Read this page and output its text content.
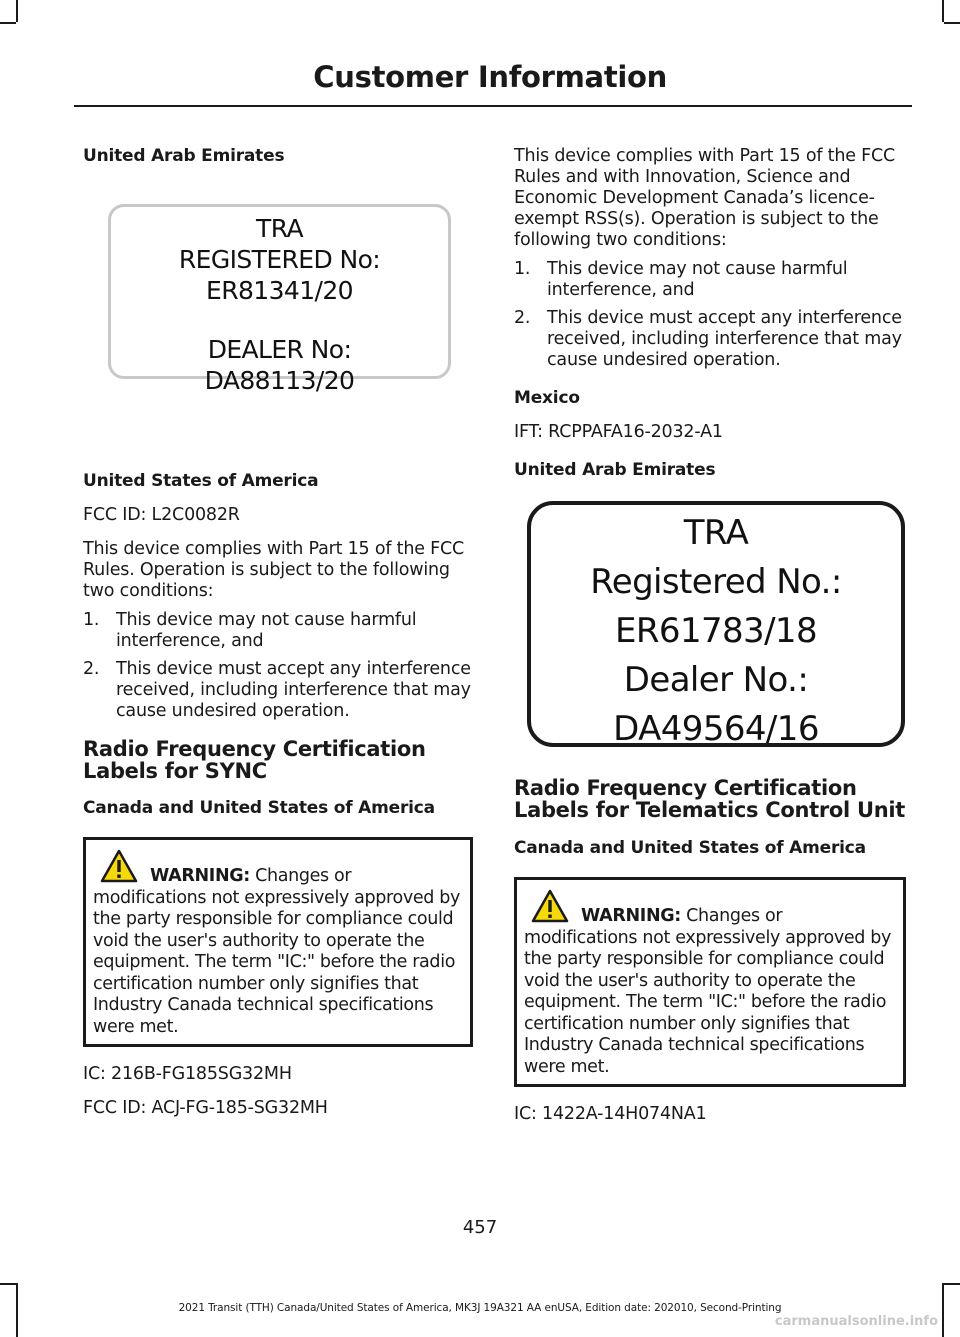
Customer Information

United Arab Emirates

TRA
REGISTERED No:
ER81341/20
DEALER No:
DA88113/20

United States of America

FCC ID: L2C0082R

This device complies with Part 15 of the FCC Rules. Operation is subject to the following two conditions:

1. This device may not cause harmful interference, and
2. This device must accept any interference received, including interference that may cause undesired operation.

Radio Frequency Certification Labels for SYNC

Canada and United States of America

WARNING: Changes or modifications not expressively approved by the party responsible for compliance could void the user's authority to operate the equipment. The term "IC:" before the radio certification number only signifies that Industry Canada technical specifications were met.

IC: 216B-FG185SG32MH

FCC ID: ACJ-FG-185-SG32MH

This device complies with Part 15 of the FCC Rules and with Innovation, Science and Economic Development Canada’s licence-exempt RSS(s). Operation is subject to the following two conditions:

1. This device may not cause harmful interference, and
2. This device must accept any interference received, including interference that may cause undesired operation.

Mexico

IFT: RCPPAFA16-2032-A1

United Arab Emirates

TRA
Registered No.:
ER61783/18
Dealer No.:
DA49564/16

Radio Frequency Certification Labels for Telematics Control Unit

Canada and United States of America

WARNING: Changes or modifications not expressively approved by the party responsible for compliance could void the user's authority to operate the equipment. The term "IC:" before the radio certification number only signifies that Industry Canada technical specifications were met.

IC: 1422A-14H074NA1

457
2021 Transit (TTH) Canada/United States of America, MK3J 19A321 AA enUSA, Edition date: 202010, Second-Printing
carmanualsonline.info
